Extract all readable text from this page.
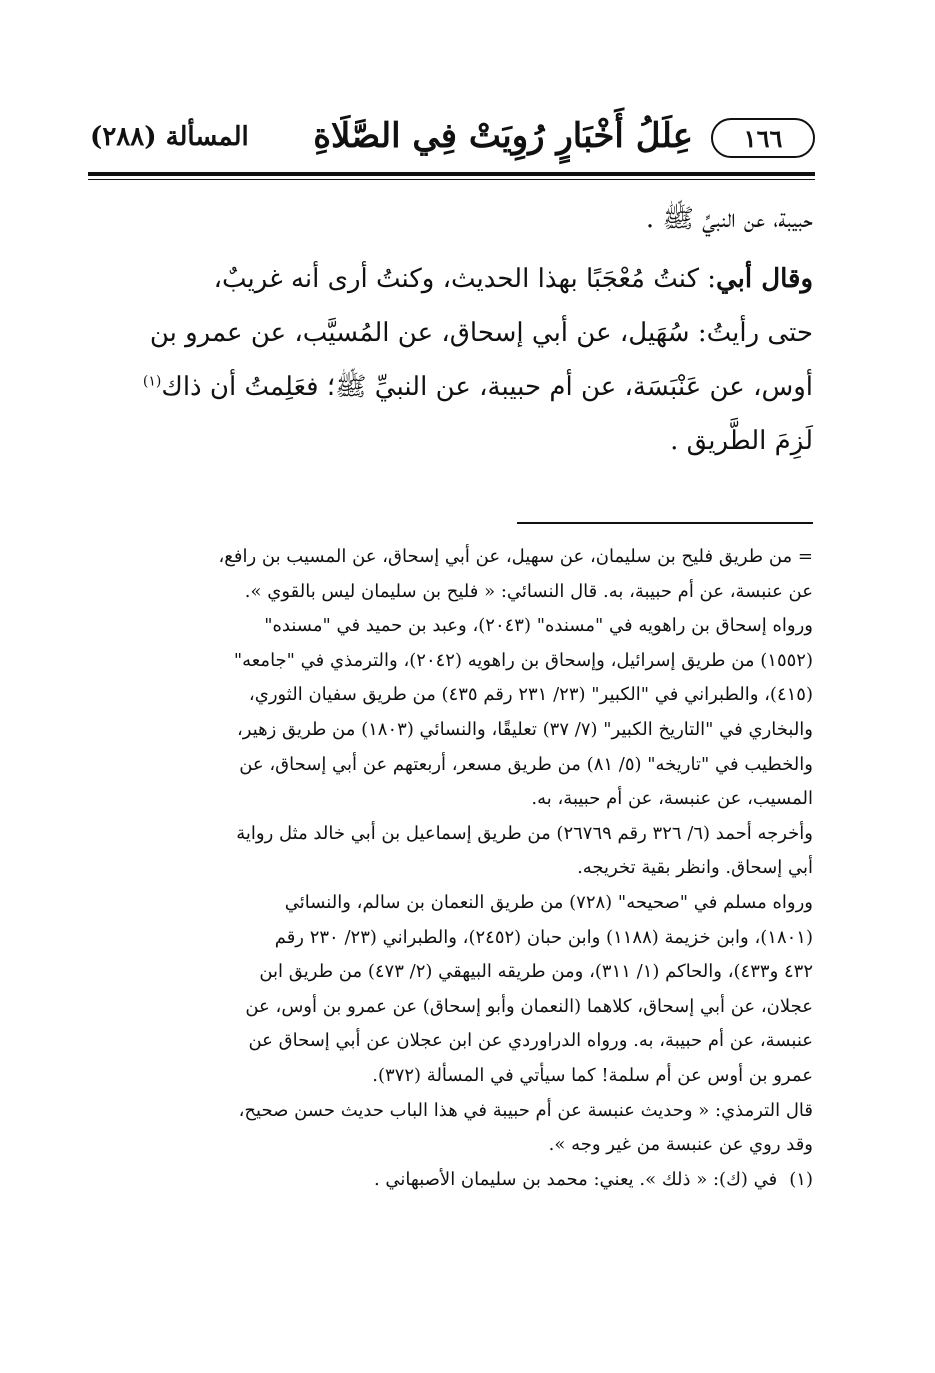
١٦٦
عِلَلُ أَخْبَارٍ رُوِيَتْ فِي الصَّلَاةِ
المسألة (٢٨٨)

حبيبة، عن النبيِّ ﷺ .

وقال أبي: كنتُ مُعْجَبًا بهذا الحديث، وكنتُ أرى أنه غريبٌ،

حتى رأيتُ: سُهَيل، عن أبي إسحاق، عن المُسيَّب، عن عمرو بن

أوس، عن عَنْبَسَة، عن أم حبيبة، عن النبيِّ ﷺ؛ فعَلِمتُ أن ذاك$^{(١)}$

لَزِمَ الطَّريق .

= من طريق فليح بن سليمان، عن سهيل، عن أبي إسحاق، عن المسيب بن رافع،

عن عنبسة، عن أم حبيبة، به. قال النسائي: « فليح بن سليمان ليس بالقوي ».

ورواه إسحاق بن راهويه في "مسنده" (٢٠٤٣)، وعبد بن حميد في "مسنده"

(١٥٥٢) من طريق إسرائيل، وإسحاق بن راهويه (٢٠٤٢)، والترمذي في "جامعه"

(٤١٥)، والطبراني في "الكبير" (٢٣/ ٢٣١ رقم ٤٣٥) من طريق سفيان الثوري،

والبخاري في "التاريخ الكبير" (٧/ ٣٧) تعليقًا، والنسائي (١٨٠٣) من طريق زهير،

والخطيب في "تاريخه" (٥/ ٨١) من طريق مسعر، أربعتهم عن أبي إسحاق، عن

المسيب، عن عنبسة، عن أم حبيبة، به.

وأخرجه أحمد (٦/ ٣٢٦ رقم ٢٦٧٦٩) من طريق إسماعيل بن أبي خالد مثل رواية

أبي إسحاق. وانظر بقية تخريجه.

ورواه مسلم في "صحيحه" (٧٢٨) من طريق النعمان بن سالم، والنسائي

(١٨٠١)، وابن خزيمة (١١٨٨) وابن حبان (٢٤٥٢)، والطبراني (٢٣/ ٢٣٠ رقم

٤٣٢ و٤٣٣)، والحاكم (١/ ٣١١)، ومن طريقه البيهقي (٢/ ٤٧٣) من طريق ابن

عجلان، عن أبي إسحاق، كلاهما (النعمان وأبو إسحاق) عن عمرو بن أوس، عن

عنبسة، عن أم حبيبة، به. ورواه الدراوردي عن ابن عجلان عن أبي إسحاق عن

عمرو بن أوس عن أم سلمة! كما سيأتي في المسألة (٣٧٢).

قال الترمذي: « وحديث عنبسة عن أم حبيبة في هذا الباب حديث حسن صحيح،

وقد روي عن عنبسة من غير وجه ».

(١)
في (ك): « ذلك ». يعني: محمد بن سليمان الأصبهاني .
